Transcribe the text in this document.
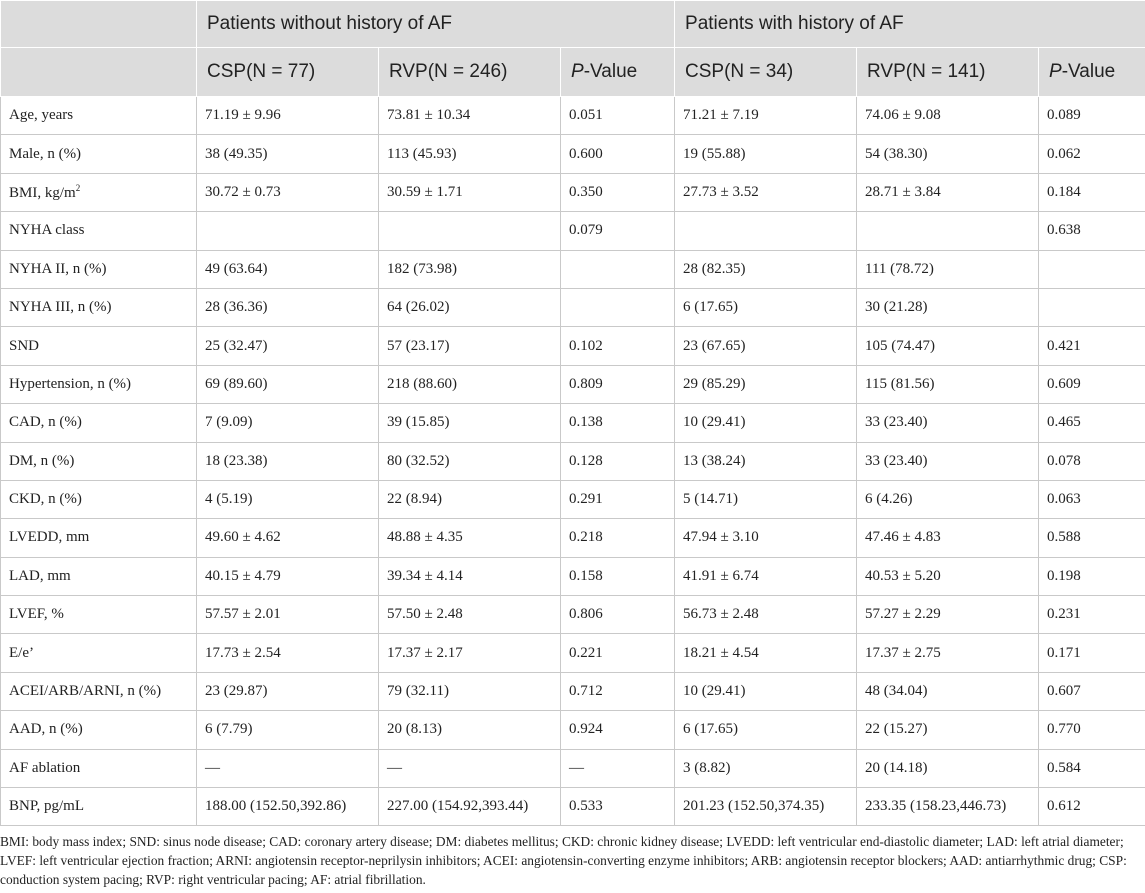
	Patients without history of AF			Patients with history of AF		
	CSP(N = 77)	RVP(N = 246)	P-Value	CSP(N = 34)	RVP(N = 141)	P-Value
Age, years	71.19 ± 9.96	73.81 ± 10.34	0.051	71.21 ± 7.19	74.06 ± 9.08	0.089
Male, n (%)	38 (49.35)	113 (45.93)	0.600	19 (55.88)	54 (38.30)	0.062
BMI, $kg/m^2$	30.72 ± 0.73	30.59 ± 1.71	0.350	27.73 ± 3.52	28.71 ± 3.84	0.184
NYHA class			0.079			0.638
NYHA II, n (%)	49 (63.64)	182 (73.98)		28 (82.35)	111 (78.72)	
NYHA III, n (%)	28 (36.36)	64 (26.02)		6 (17.65)	30 (21.28)	
SND	25 (32.47)	57 (23.17)	0.102	23 (67.65)	105 (74.47)	0.421
Hypertension, n (%)	69 (89.60)	218 (88.60)	0.809	29 (85.29)	115 (81.56)	0.609
CAD, n (%)	7 (9.09)	39 (15.85)	0.138	10 (29.41)	33 (23.40)	0.465
DM, n (%)	18 (23.38)	80 (32.52)	0.128	13 (38.24)	33 (23.40)	0.078
CKD, n (%)	4 (5.19)	22 (8.94)	0.291	5 (14.71)	6 (4.26)	0.063
LVEDD, mm	49.60 ± 4.62	48.88 ± 4.35	0.218	47.94 ± 3.10	47.46 ± 4.83	0.588
LAD, mm	40.15 ± 4.79	39.34 ± 4.14	0.158	41.91 ± 6.74	40.53 ± 5.20	0.198
LVEF, %	57.57 ± 2.01	57.50 ± 2.48	0.806	56.73 ± 2.48	57.27 ± 2.29	0.231
E/e’	17.73 ± 2.54	17.37 ± 2.17	0.221	18.21 ± 4.54	17.37 ± 2.75	0.171
ACEI/ARB/ARNI, n (%)	23 (29.87)	79 (32.11)	0.712	10 (29.41)	48 (34.04)	0.607
AAD, n (%)	6 (7.79)	20 (8.13)	0.924	6 (17.65)	22 (15.27)	0.770
AF ablation	—	—	—	3 (8.82)	20 (14.18)	0.584
BNP, pg/mL	188.00 (152.50,392.86)	227.00 (154.92,393.44)	0.533	201.23 (152.50,374.35)	233.35 (158.23,446.73)	0.612
BMI: body mass index; SND: sinus node disease; CAD: coronary artery disease; DM: diabetes mellitus; CKD: chronic kidney disease; LVEDD: left ventricular end-diastolic diameter; LAD: left atrial diameter; LVEF: left ventricular ejection fraction; ARNI: angiotensin receptor-neprilysin inhibitors; ACEI: angiotensin-converting enzyme inhibitors; ARB: angiotensin receptor blockers; AAD: antiarrhythmic drug; CSP: conduction system pacing; RVP: right ventricular pacing; AF: atrial fibrillation.
